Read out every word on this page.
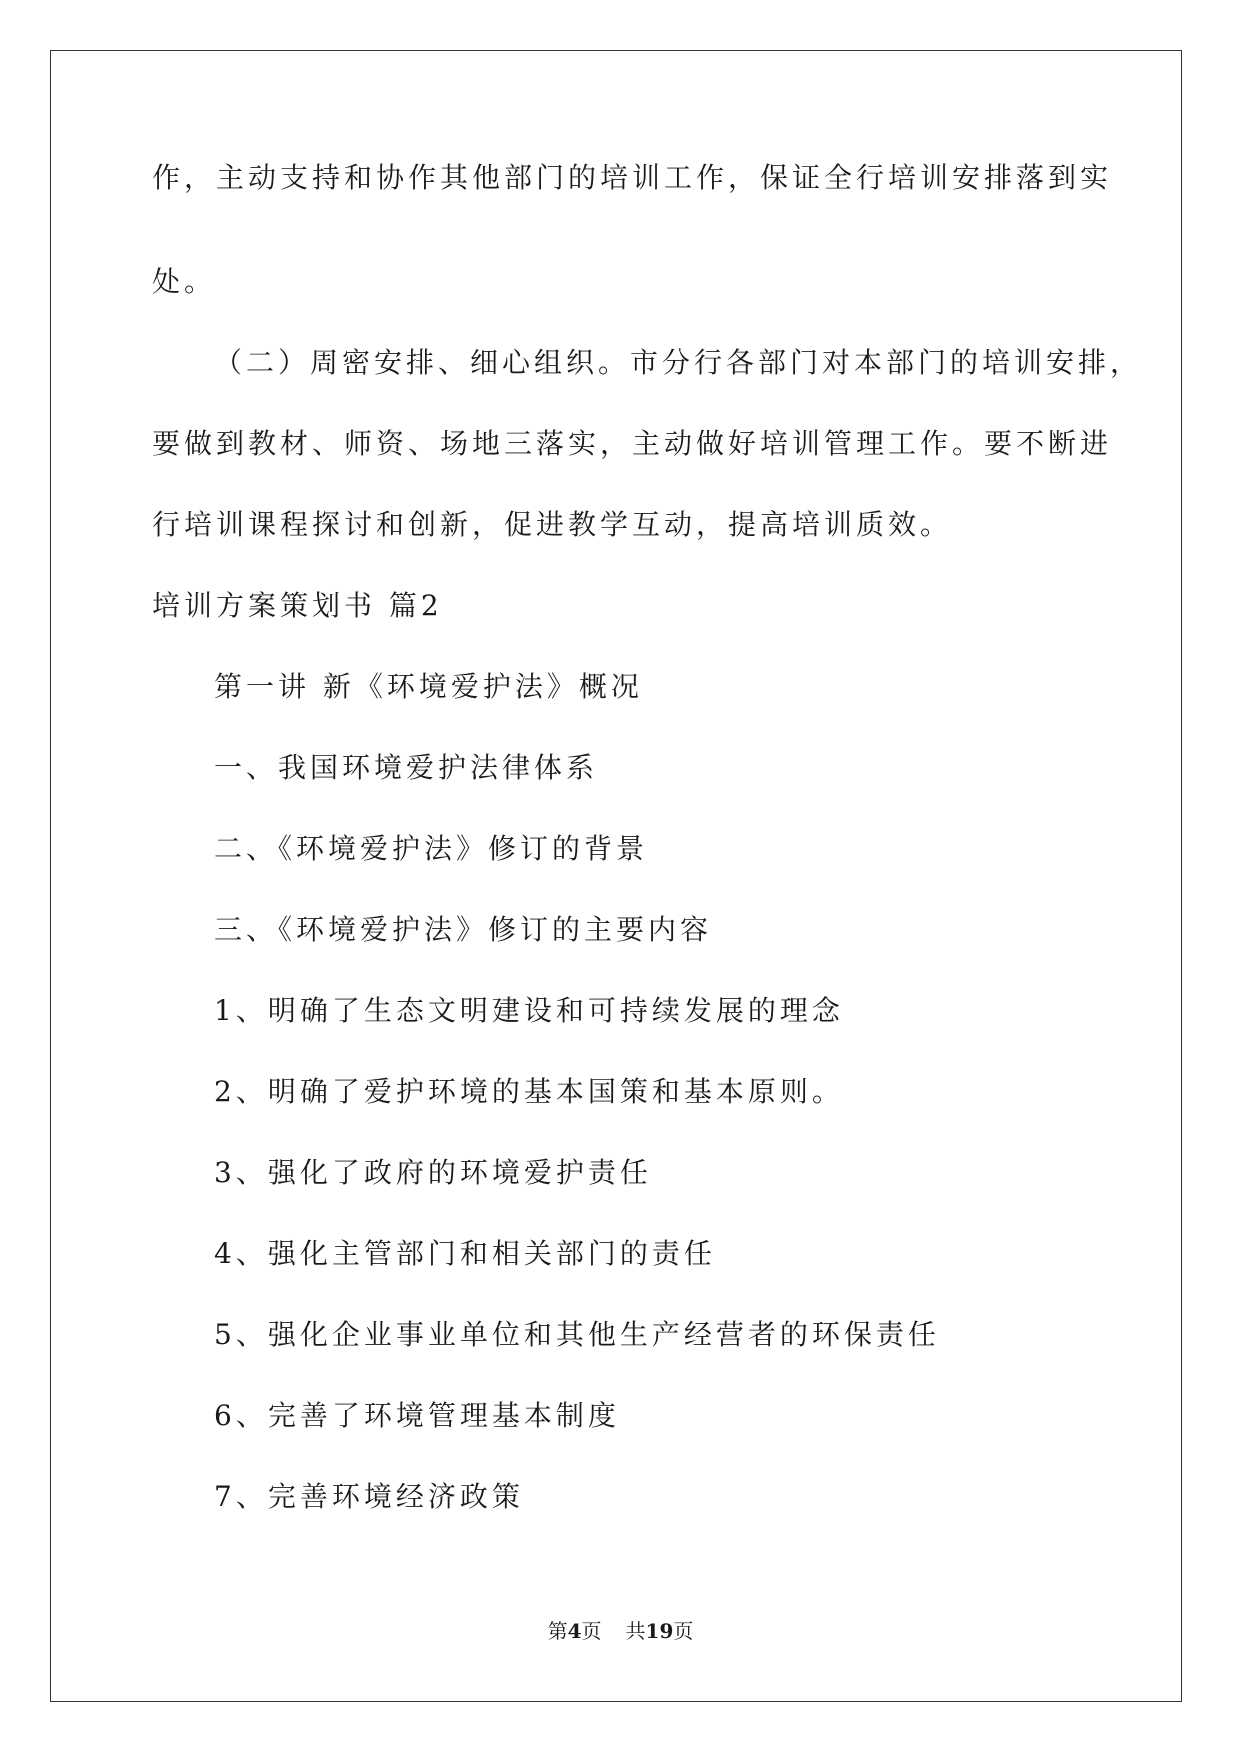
作，主动支持和协作其他部门的培训工作，保证全行培训安排落到实
处。
（二）周密安排、细心组织。市分行各部门对本部门的培训安排，
要做到教材、师资、场地三落实，主动做好培训管理工作。要不断进
行培训课程探讨和创新，促进教学互动，提高培训质效。
培训方案策划书 篇2
第一讲 新《环境爱护法》概况
一、我国环境爱护法律体系
二、《环境爱护法》修订的背景
三、《环境爱护法》修订的主要内容
1、明确了生态文明建设和可持续发展的理念
2、明确了爱护环境的基本国策和基本原则。
3、强化了政府的环境爱护责任
4、强化主管部门和相关部门的责任
5、强化企业事业单位和其他生产经营者的环保责任
6、完善了环境管理基本制度
7、完善环境经济政策
第4页 共19页
